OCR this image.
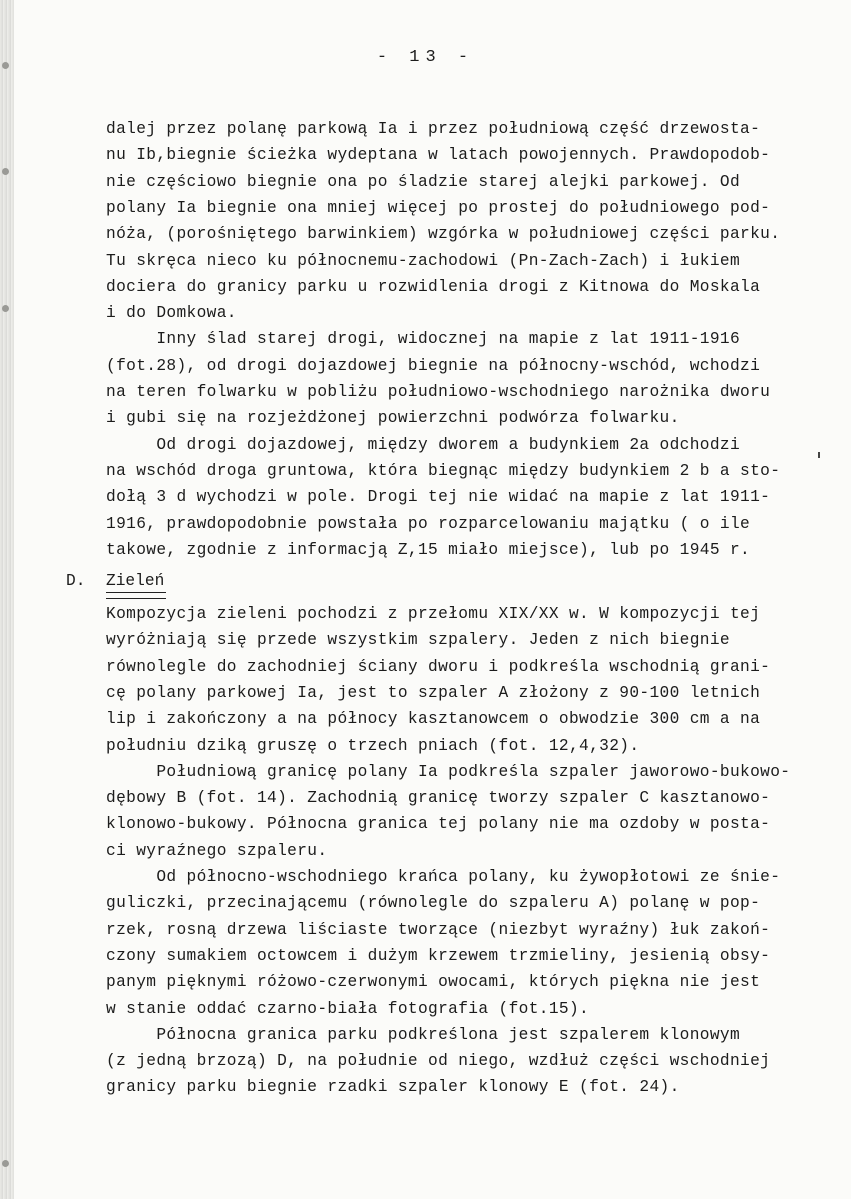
- 13 -
dalej przez polanę parkową Ia i przez południową część drzewosta-
nu Ib,biegnie ścieżka wydeptana w latach powojennych. Prawdopodob-
nie częściowo biegnie ona po śladzie starej alejki parkowej. Od
polany Ia biegnie ona mniej więcej po prostej do południowego pod-
nóża, (porośniętego barwinkiem) wzgórka w południowej części parku.
Tu skręca nieco ku północnemu-zachodowi (Pn-Zach-Zach) i łukiem
dociera do granicy parku u rozwidlenia drogi z Kitnowa do Moskala
i do Domkowa.
Inny ślad starej drogi, widocznej na mapie z lat 1911-1916
(fot.28), od drogi dojazdowej biegnie na północny-wschód, wchodzi
na teren folwarku w pobliżu południowo-wschodniego narożnika dworu
i gubi się na rozjeżdżonej powierzchni podwórza folwarku.
Od drogi dojazdowej, między dworem a budynkiem 2a odchodzi
na wschód droga gruntowa, która biegnąc między budynkiem 2 b a sto-
dołą 3 d wychodzi w pole. Drogi tej nie widać na mapie z lat 1911-
1916, prawdopodobnie powstała po rozparcelowaniu majątku ( o ile
takowe, zgodnie z informacją Z,15 miało miejsce), lub po 1945 r.
D. Zieleń
Kompozycja zieleni pochodzi z przełomu XIX/XX w. W kompozycji tej
wyróżniają się przede wszystkim szpalery. Jeden z nich biegnie
równolegle do zachodniej ściany dworu i podkreśla wschodnią grani-
cę polany parkowej Ia, jest to szpaler A złożony z 90-100 letnich
lip i zakończony a na północy kasztanowcem o obwodzie 300 cm a na
południu dziką gruszę o trzech pniach (fot. 12,4,32).
Południową granicę polany Ia podkreśla szpaler jaworowo-bukowo-
dębowy B (fot. 14). Zachodnią granicę tworzy szpaler C kasztanowo-
klonowo-bukowy. Północna granica tej polany nie ma ozdoby w posta-
ci wyraźnego szpaleru.
Od północno-wschodniego krańca polany, ku żywopłotowi ze śnie-
guliczki, przecinającemu (równolegle do szpaleru A) polanę w pop-
rzek, rosną drzewa liściaste tworzące (niezbyt wyraźny) łuk zakoń-
czony sumakiem octowcem i dużym krzewem trzmieliny, jesienią obsy-
panym pięknymi różowo-czerwonymi owocami, których piękna nie jest
w stanie oddać czarno-biała fotografia (fot.15).
Północna granica parku podkreślona jest szpalerem klonowym
(z jedną brzozą) D, na południe od niego, wzdłuż części wschodniej
granicy parku biegnie rzadki szpaler klonowy E (fot. 24).
